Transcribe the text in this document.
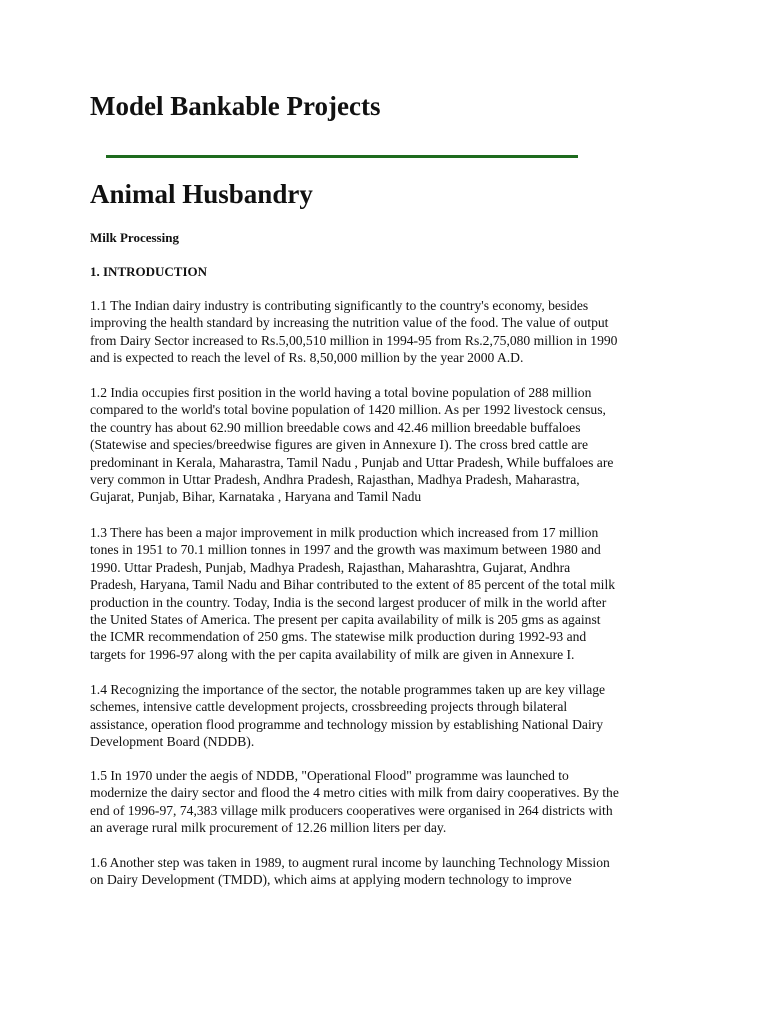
Model Bankable Projects
Animal Husbandry

Milk Processing

1. INTRODUCTION

1.1 The Indian dairy industry is contributing significantly to the country's economy, besides
improving the health standard by increasing the nutrition value of the food. The value of output
from Dairy Sector increased to Rs.5,00,510 million in 1994-95 from Rs.2,75,080 million in 1990
and is expected to reach the level of Rs. 8,50,000 million by the year 2000 A.D.

1.2 India occupies first position in the world having a total bovine population of 288 million
compared to the world's total bovine population of 1420 million. As per 1992 livestock census,
the country has about 62.90 million breedable cows and 42.46 million breedable buffaloes
(Statewise and species/breedwise figures are given in Annexure I). The cross bred cattle are
predominant in Kerala, Maharastra, Tamil Nadu , Punjab and Uttar Pradesh, While buffaloes are
very common in Uttar Pradesh, Andhra Pradesh, Rajasthan, Madhya Pradesh, Maharastra,
Gujarat, Punjab, Bihar, Karnataka , Haryana and Tamil Nadu

1.3 There has been a major improvement in milk production which increased from 17 million
tones in 1951 to 70.1 million tonnes in 1997 and the growth was maximum between 1980 and
1990. Uttar Pradesh, Punjab, Madhya Pradesh, Rajasthan, Maharashtra, Gujarat, Andhra
Pradesh, Haryana, Tamil Nadu and Bihar contributed to the extent of 85 percent of the total milk
production in the country. Today, India is the second largest producer of milk in the world after
the United States of America. The present per capita availability of milk is 205 gms as against
the ICMR recommendation of 250 gms. The statewise milk production during 1992-93 and
targets for 1996-97 along with the per capita availability of milk are given in Annexure I.

1.4 Recognizing the importance of the sector, the notable programmes taken up are key village
schemes, intensive cattle development projects, crossbreeding projects through bilateral
assistance, operation flood programme and technology mission by establishing National Dairy
Development Board (NDDB).

1.5 In 1970 under the aegis of NDDB, "Operational Flood" programme was launched to
modernize the dairy sector and flood the 4 metro cities with milk from dairy cooperatives. By the
end of 1996-97, 74,383 village milk producers cooperatives were organised in 264 districts with
an average rural milk procurement of 12.26 million liters per day.

1.6 Another step was taken in 1989, to augment rural income by launching Technology Mission
on Dairy Development (TMDD), which aims at applying modern technology to improve
